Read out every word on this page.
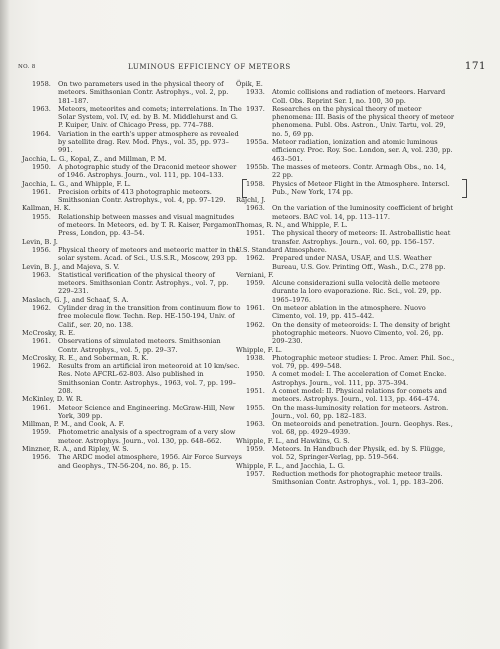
NO. 8	LUMINOUS EFFICIENCY OF METEORS	171

1958. On two parameters used in the physical theory of meteors. Smithsonian Contr. Astrophys., vol. 2, pp. 181–187.

1963. Meteors, meteorites and comets; interrelations. In The Solar System, vol. IV, ed. by B. M. Middlehurst and G. P. Kuiper, Univ. of Chicago Press, pp. 774–788.

1964. Variation in the earth's upper atmosphere as revealed by satellite drag. Rev. Mod. Phys., vol. 35, pp. 973–991.

Jacchia, L. G., Kopal, Z., and Millman, P. M.

1950. A photographic study of the Draconid meteor shower of 1946. Astrophys. Journ., vol. 111, pp. 104–133.

Jacchia, L. G., and Whipple, F. L.

1961. Precision orbits of 413 photographic meteors. Smithsonian Contr. Astrophys., vol. 4, pp. 97–129.

Kallman, H. K.

1955. Relationship between masses and visual magnitudes of meteors. In Meteors, ed. by T. R. Kaiser, Pergamon Press, London, pp. 43–54.

Levin, B. J.

1956. Physical theory of meteors and meteoric matter in the solar system. Acad. of Sci., U.S.S.R., Moscow, 293 pp.

Levin, B. J., and Majeva, S. V.

1963. Statistical verification of the physical theory of meteors. Smithsonian Contr. Astrophys., vol. 7, pp. 229–231.

Maslach, G. J., and Schaaf, S. A.

1962. Cylinder drag in the transition from continuum flow to free molecule flow. Techn. Rep. HE-150-194, Univ. of Calif., ser. 20, no. 138.

McCrosky, R. E.

1961. Observations of simulated meteors. Smithsonian Contr. Astrophys., vol. 5, pp. 29–37.

McCrosky, R. E., and Soberman, R. K.

1962. Results from an artificial iron meteoroid at 10 km/sec. Res. Note AFCRL-62-803. Also published in Smithsonian Contr. Astrophys., 1963, vol. 7, pp. 199–208.

McKinley, D. W. R.

1961. Meteor Science and Engineering. McGraw-Hill, New York, 309 pp.

Millman, P. M., and Cook, A. F.

1959. Photometric analysis of a spectrogram of a very slow meteor. Astrophys. Journ., vol. 130, pp. 648–662.

Minzner, R. A., and Ripley, W. S.

1956. The ARDC model atmosphere, 1956. Air Force Surveys and Geophys., TN-56-204, no. 86, p. 15.

Öpik, E.

1933. Atomic collisions and radiation of meteors. Harvard Coll. Obs. Reprint Ser. I, no. 100, 30 pp.

1937. Researches on the physical theory of meteor phenomena: III. Basis of the physical theory of meteor phenomena. Publ. Obs. Astron., Univ. Tartu, vol. 29, no. 5, 69 pp.

1955a. Meteor radiation, ionization and atomic luminous efficiency. Proc. Roy. Soc. London, ser. A, vol. 230, pp. 463–501.

1955b. The masses of meteors. Contr. Armagh Obs., no. 14, 22 pp.

1958. Physics of Meteor Flight in the Atmosphere. Interscl. Pub., New York, 174 pp.

Rajchl, J.

1963. On the variation of the luminosity coefficient of bright meteors. BAC vol. 14, pp. 113–117.

Thomas, R. N., and Whipple, F. L.

1951. The physical theory of meteors: II. Astroballistic heat transfer. Astrophys. Journ., vol. 60, pp. 156–157.

U.S. Standard Atmosphere.

1962. Prepared under NASA, USAF, and U.S. Weather Bureau, U.S. Gov. Printing Off., Wash., D.C., 278 pp.

Verniani, F.

1959. Alcune considerazioni sulla velocità delle meteore durante la loro evaporazione. Ric. Sci., vol. 29, pp. 1965–1976.

1961. On meteor ablation in the atmosphere. Nuovo Cimento, vol. 19, pp. 415–442.

1962. On the density of meteoroids: I. The density of bright photographic meteors. Nuovo Cimento, vol. 26, pp. 209–230.

Whipple, F. L.

1938. Photographic meteor studies: I. Proc. Amer. Phil. Soc., vol. 79, pp. 499–548.

1950. A comet model: I. The acceleration of Comet Encke. Astrophys. Journ., vol. 111, pp. 375–394.

1951. A comet model: II. Physical relations for comets and meteors. Astrophys. Journ., vol. 113, pp. 464–474.

1955. On the mass-luminosity relation for meteors. Astron. Journ., vol. 60, pp. 182–183.

1963. On meteoroids and penetration. Journ. Geophys. Res., vol. 68, pp. 4929–4939.

Whipple, F. L., and Hawkins, G. S.

1959. Meteors. In Handbuch der Physik, ed. by S. Flügge, vol. 52, Springer-Verlag, pp. 519–564.

Whipple, F. L., and Jacchia, L. G.

1957. Reduction methods for photographic meteor trails. Smithsonian Contr. Astrophys., vol. 1, pp. 183–206.
